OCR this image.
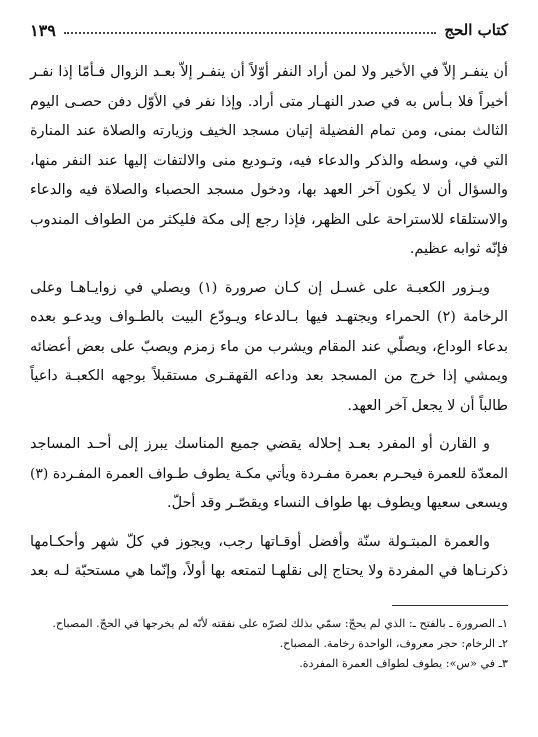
كتاب الحج
١٣٩

أن ينفـر إلاّ في الأخير ولا لمن أراد النفر أوّلاً أن ينفـر إلاّ بعـد الزوال فـأمّا إذا نفـر
أخيراً فلا بـأس به في صدر النهـار متى أراد. وإذا نفر في الأوّل دفن حصـى اليوم
الثالث بمنى، ومن تمام الفضيلة إتيان مسجد الخيف وزيارته والصلاة عند المنارة
التي في، وسطه والذكر والدعاء فيه، وتـوديع منى والالتفات إليها عند النفر منها،
والسؤال أن لا يكون آخر العهد بها، ودخول مسجد الحصباء والصلاة فيه والدعاء
والاستلقاء للاستراحة على الظهر، فإذا رجع إلى مكة فليكثر من الطواف المندوب
فإنّه ثوابه عظيم.

ويـزور الكعبـة على غسـل إن كـان صرورة (١) ويصلي في زوايـاهـا وعلى
الرخامة (٢) الحمراء ويجتهـد فيها بـالدعاء ويـودّع البيت بالطـواف ويدعـو بعده
بدعاء الوداع، ويصلّي عند المقام ويشرب من ماء زمزم ويصبّ على بعض أعضائه
ويمشي إذا خرج من المسجد بعد وداعه القهقـرى مستقبلاً بوجهه الكعبـة داعياً
طالباً أن لا يجعل آخر العهد.

و القارن أو المفرد بعـد إحلاله يقضي جميع المناسك يبرز إلى أحـد المساجد
المعدّة للعمرة فيحـرم بعمرة مفـردة ويأتي مكـة يطوف طـواف العمرة المفـردة (٣)
ويسعى سعيها ويطوف بها طواف النساء ويقصّـر وقد أحلّ.

والعمرة المبتـولة سنّة وأفضل أوقـاتها رجب، ويجوز في كلّ شهر وأحكـامها
ذكرنـاها في المفردة ولا يحتاج إلى نقلهـا لتمتعه بها أولاً، وإنّما هي مستحبّة لـه بعد

١ـ الصرورة ـ بالفتح ـ: الذي لم يحجّ: سمّي بذلك لصرّه على نفقته لأنّه لم يخرجها في الحجّ. المصباح.
٢ـ الرخام: حجر معروف، الواحدة رخامة. المصباح.
٣ـ في «س»: يطوف لطواف العمرة المفردة.
